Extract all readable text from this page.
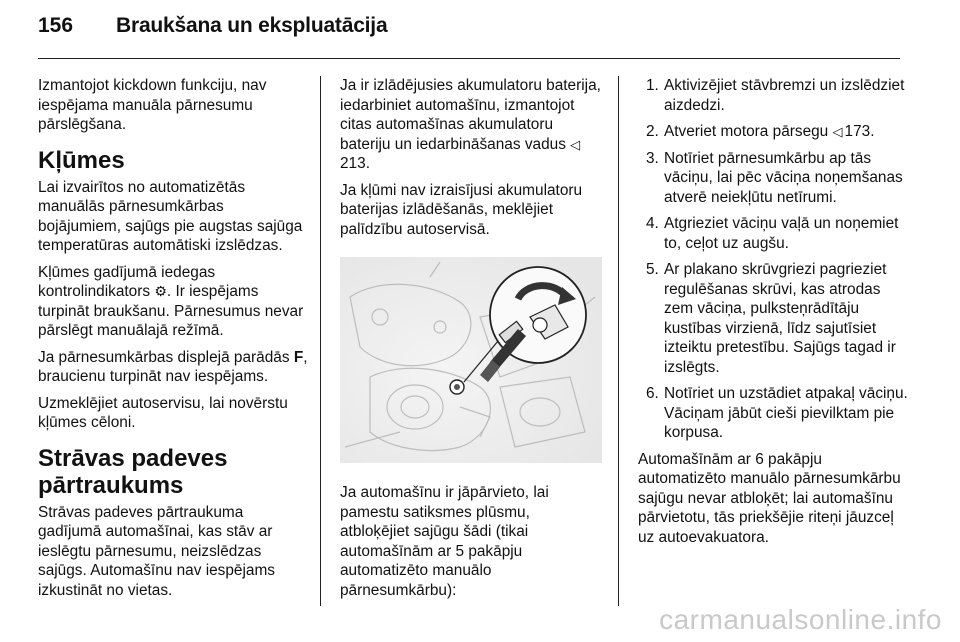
156	Braukšana un ekspluatācija

Izmantojot kickdown funkciju, nav iespējama manuāla pārnesumu pārslēgšana.

Kļūmes

Lai izvairītos no automatizētās manuālās pārnesumkārbas bojājumiem, sajūgs pie augstas sajūga temperatūras automātiski izslēdzas.

Kļūmes gadījumā iedegas kontrolindikators ⚙. Ir iespējams turpināt braukšanu. Pārnesumus nevar pārslēgt manuālajā režīmā.

Ja pārnesumkārbas displejā parādās F, braucienu turpināt nav iespējams.

Uzmeklējiet autoservisu, lai novērstu kļūmes cēloni.

Strāvas padeves pārtraukums

Strāvas padeves pārtraukuma gadījumā automašīnai, kas stāv ar ieslēgtu pārnesumu, neizslēdzas sajūgs. Automašīnu nav iespējams izkustināt no vietas.

Ja ir izlādējusies akumulatoru baterija, iedarbiniet automašīnu, izmantojot citas automašīnas akumulatoru bateriju un iedarbināšanas vadus ◁213.

Ja kļūmi nav izraisījusi akumulatoru baterijas izlādēšanās, meklējiet palīdzību autoservisā.

Ja automašīnu ir jāpārvieto, lai pamestu satiksmes plūsmu, atbloķējiet sajūgu šādi (tikai automašīnām ar 5 pakāpju automatizēto manuālo pārnesumkārbu):

1. Aktivizējiet stāvbremzi un izslēdziet aizdedzi.
2. Atveriet motora pārsegu ◁ 173.
3. Notīriet pārnesumkārbu ap tās vāciņu, lai pēc vāciņa noņemšanas atverē neiekļūtu netīrumi.
4. Atgrieziet vāciņu vaļā un noņemiet to, ceļot uz augšu.
5. Ar plakano skrūvgriezi pagrieziet regulēšanas skrūvi, kas atrodas zem vāciņa, pulksteņrādītāju kustības virzienā, līdz sajutīsiet izteiktu pretestību. Sajūgs tagad ir izslēgts.
6. Notīriet un uzstādiet atpakaļ vāciņu. Vāciņam jābūt cieši pievilktam pie korpusa.

Automašīnām ar 6 pakāpju automatizēto manuālo pārnesumkārbu sajūgu nevar atbloķēt; lai automašīnu pārvietotu, tās priekšējie riteņi jāuzceļ uz autoevakuatora.

carmanualsonline.info
